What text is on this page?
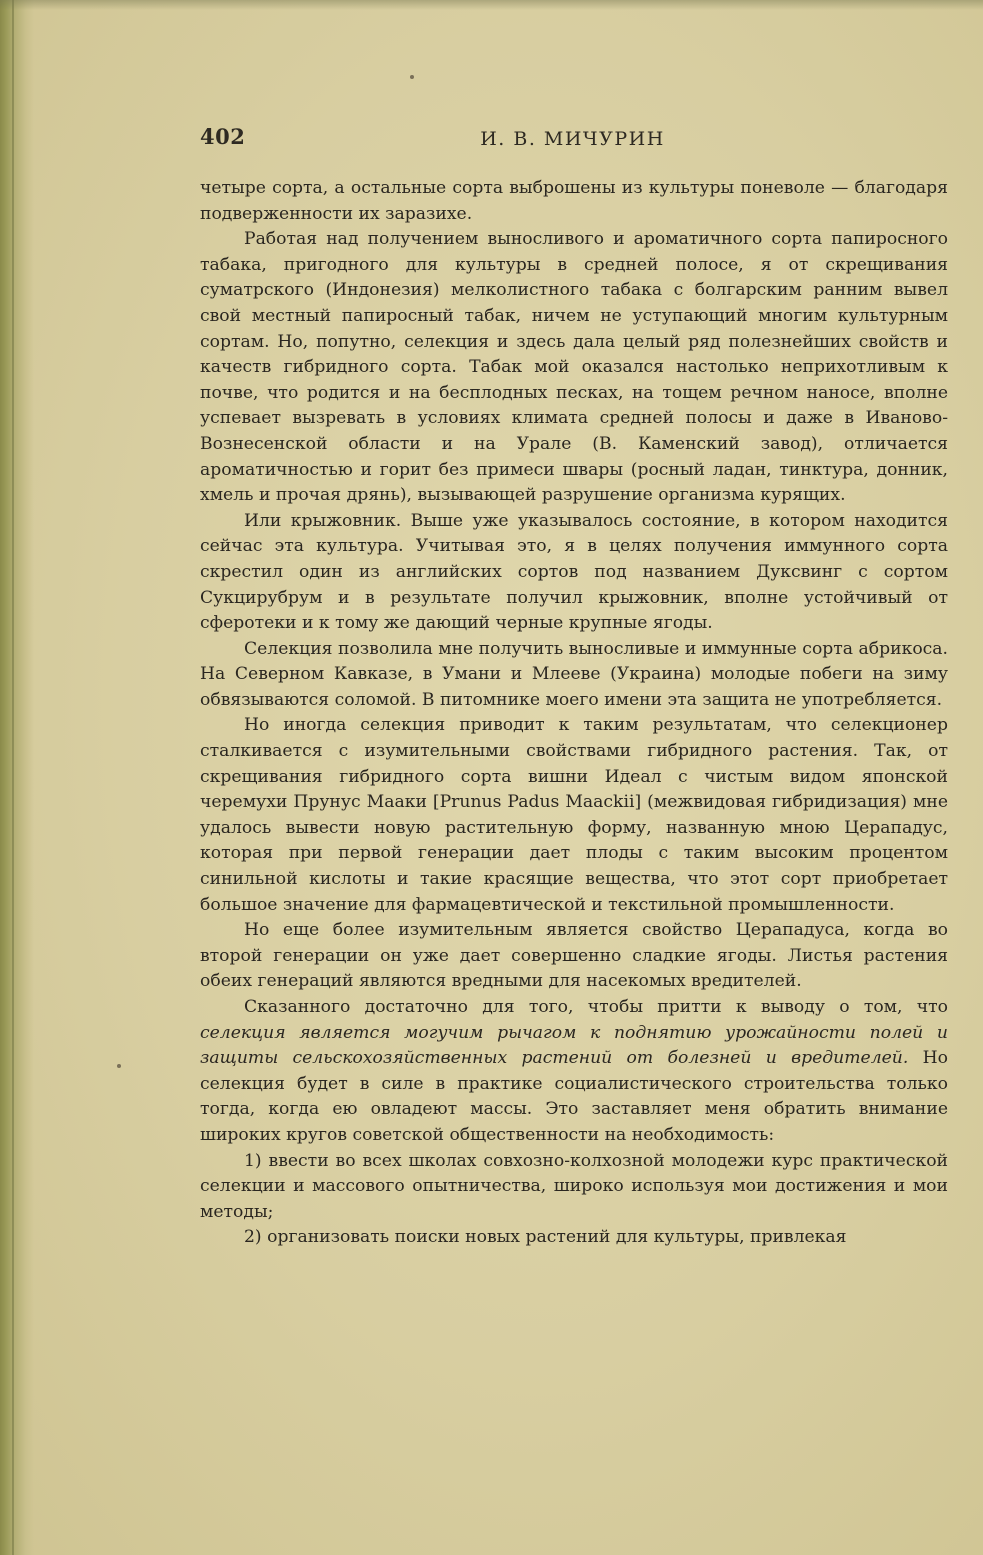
402	И. В. МИЧУРИН

четыре сорта, а остальные сорта выброшены из культуры поневоле — благодаря подверженности их заразихе.

Работая над получением выносливого и ароматичного сорта папиросного табака, пригодного для культуры в средней полосе, я от скрещивания суматрского (Индонезия) мелколистного табака с болгарским ранним вывел свой местный папиросный табак, ничем не уступающий многим культурным сортам. Но, попутно, селекция и здесь дала целый ряд полезнейших свойств и качеств гибридного сорта. Табак мой оказался настолько неприхотливым к почве, что родится и на бесплодных песках, на тощем речном наносе, вполне успевает вызревать в условиях климата средней полосы и даже в Иваново-Вознесенской области и на Урале (В. Каменский завод), отличается ароматичностью и горит без примеси швары (росный ладан, тинктура, донник, хмель и прочая дрянь), вызывающей разрушение организма курящих.

Или крыжовник. Выше уже указывалось состояние, в котором находится сейчас эта культура. Учитывая это, я в целях получения иммунного сорта скрестил один из английских сортов под названием Дуксвинг с сортом Сукцирубрум и в результате получил крыжовник, вполне устойчивый от сферотеки и к тому же дающий черные крупные ягоды.

Селекция позволила мне получить выносливые и иммунные сорта абрикоса. На Северном Кавказе, в Умани и Млееве (Украина) молодые побеги на зиму обвязываются соломой. В питомнике моего имени эта защита не употребляется.

Но иногда селекция приводит к таким результатам, что селекционер сталкивается с изумительными свойствами гибридного растения. Так, от скрещивания гибридного сорта вишни Идеал с чистым видом японской черемухи Прунус Мааки [Prunus Padus Maackii] (межвидовая гибридизация) мне удалось вывести новую растительную форму, названную мною Церападус, которая при первой генерации дает плоды с таким высоким процентом синильной кислоты и такие красящие вещества, что этот сорт приобретает большое значение для фармацевтической и текстильной промышленности.

Но еще более изумительным является свойство Церападуса, когда во второй генерации он уже дает совершенно сладкие ягоды. Листья растения обеих генераций являются вредными для насекомых вредителей.

Сказанного достаточно для того, чтобы притти к выводу о том, что селекция является могучим рычагом к поднятию урожайности полей и защиты сельскохозяйственных растений от болезней и вредителей. Но селекция будет в силе в практике социалистического строительства только тогда, когда ею овладеют массы. Это заставляет меня обратить внимание широких кругов советской общественности на необходимость:

1) ввести во всех школах совхозно-колхозной молодежи курс практической селекции и массового опытничества, широко используя мои достижения и мои методы;

2) организовать поиски новых растений для культуры, привлекая
